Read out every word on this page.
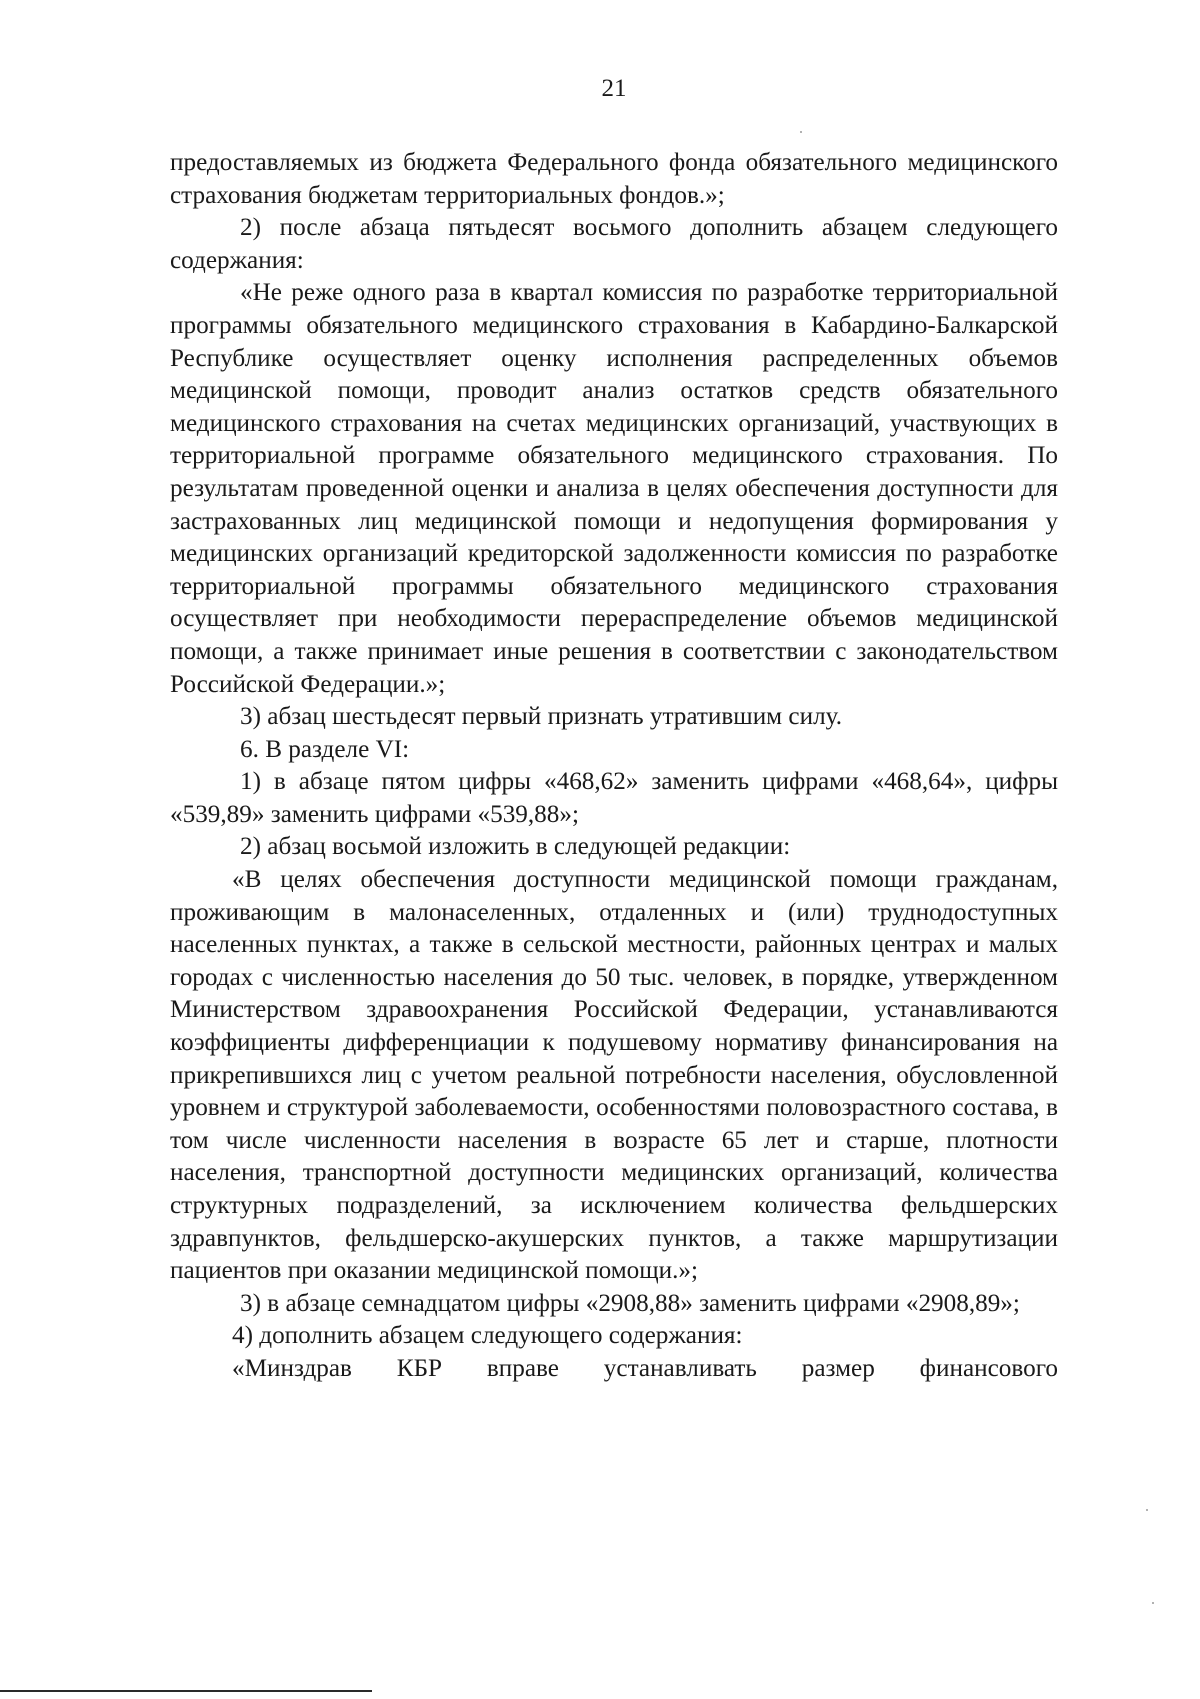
21

предоставляемых из бюджета Федерального фонда обязательного медицинского страхования бюджетам территориальных фондов.»;

2) после абзаца пятьдесят восьмого дополнить абзацем следующего содержания:

«Не реже одного раза в квартал комиссия по разработке территориальной программы обязательного медицинского страхования в Кабардино-Балкарской Республике осуществляет оценку исполнения распределенных объемов медицинской помощи, проводит анализ остатков средств обязательного медицинского страхования на счетах медицинских организаций, участвующих в территориальной программе обязательного медицинского страхования. По результатам проведенной оценки и анализа в целях обеспечения доступности для застрахованных лиц медицинской помощи и недопущения формирования у медицинских организаций кредиторской задолженности комиссия по разработке территориальной программы обязательного медицинского страхования осуществляет при необходимости перераспределение объемов медицинской помощи, а также принимает иные решения в соответствии с законодательством Российской Федерации.»;

3) абзац шестьдесят первый признать утратившим силу.

6. В разделе VI:

1) в абзаце пятом цифры «468,62» заменить цифрами «468,64», цифры «539,89» заменить цифрами «539,88»;

2) абзац восьмой изложить в следующей редакции:

«В целях обеспечения доступности медицинской помощи гражданам, проживающим в малонаселенных, отдаленных и (или) труднодоступных населенных пунктах, а также в сельской местности, районных центрах и малых городах с численностью населения до 50 тыс. человек, в порядке, утвержденном Министерством здравоохранения Российской Федерации, устанавливаются коэффициенты дифференциации к подушевому нормативу финансирования на прикрепившихся лиц с учетом реальной потребности населения, обусловленной уровнем и структурой заболеваемости, особенностями половозрастного состава, в том числе численности населения в возрасте 65 лет и старше, плотности населения, транспортной доступности медицинских организаций, количества структурных подразделений, за исключением количества фельдшерских здравпунктов, фельдшерско-акушерских пунктов, а также маршрутизации пациентов при оказании медицинской помощи.»;

3) в абзаце семнадцатом цифры «2908,88» заменить цифрами «2908,89»;

4) дополнить абзацем следующего содержания:

«Минздрав КБР вправе устанавливать размер финансового
